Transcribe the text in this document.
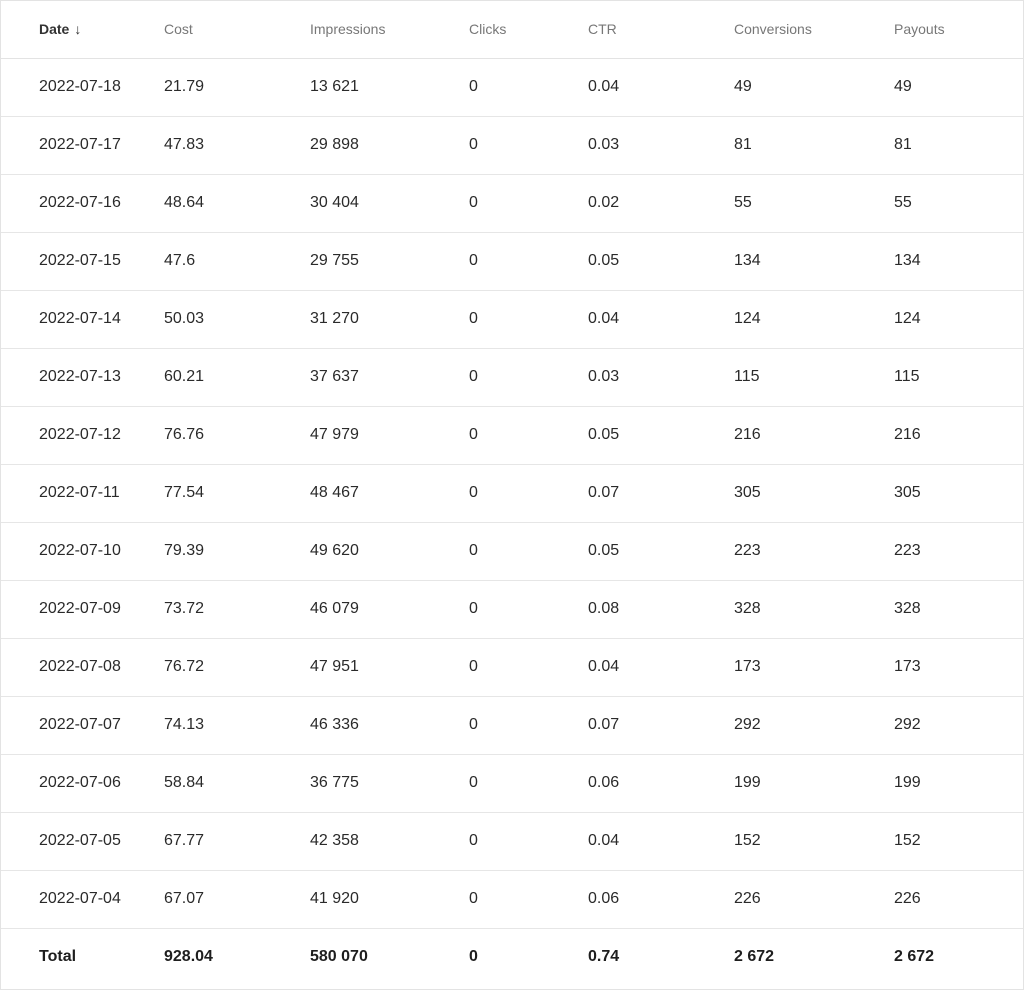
Date ↓	Cost	Impressions	Clicks	CTR	Conversions	Payouts
2022-07-18	21.79	13 621	0	0.04	49	49
2022-07-17	47.83	29 898	0	0.03	81	81
2022-07-16	48.64	30 404	0	0.02	55	55
2022-07-15	47.6	29 755	0	0.05	134	134
2022-07-14	50.03	31 270	0	0.04	124	124
2022-07-13	60.21	37 637	0	0.03	115	115
2022-07-12	76.76	47 979	0	0.05	216	216
2022-07-11	77.54	48 467	0	0.07	305	305
2022-07-10	79.39	49 620	0	0.05	223	223
2022-07-09	73.72	46 079	0	0.08	328	328
2022-07-08	76.72	47 951	0	0.04	173	173
2022-07-07	74.13	46 336	0	0.07	292	292
2022-07-06	58.84	36 775	0	0.06	199	199
2022-07-05	67.77	42 358	0	0.04	152	152
2022-07-04	67.07	41 920	0	0.06	226	226
Total	928.04	580 070	0	0.74	2 672	2 672
